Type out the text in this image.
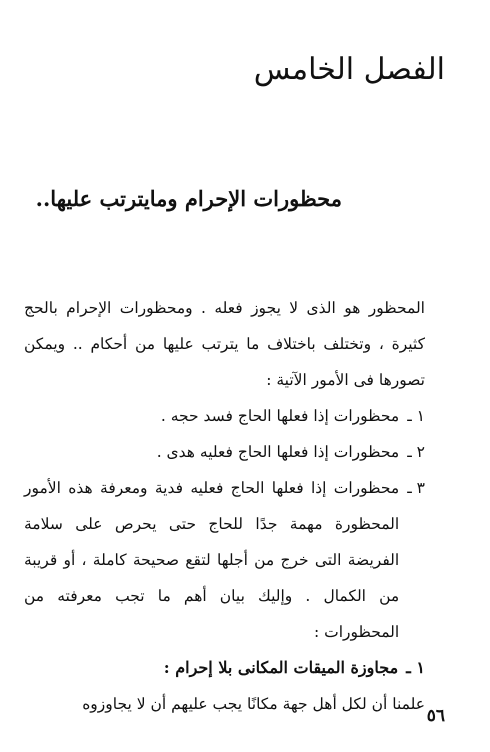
الفصل الخامس
محظورات الإحرام ومايترتب عليها..

المحظور هو الذى لا يجوز فعله . ومحظورات الإحرام بالحج كثيرة ، وتختلف باختلاف ما يترتب عليها من أحكام .. ويمكن تصورها فى الأمور الآتية :

١ ـ
محظورات إذا فعلها الحاج فسد حجه .
٢ ـ
محظورات إذا فعلها الحاج فعليه هدى .
٣ ـ
محظورات إذا فعلها الحاج فعليه فدية ومعرفة هذه الأمور المحظورة مهمة جدًا للحاج حتى يحرص على سلامة الفريضة التى خرج من أجلها لتقع صحيحة كاملة ، أو قريبة من الكمال . وإليك بيان أهم ما تجب معرفته من المحظورات :
١ ـ
مجاوزة الميقات المكانى بلا إحرام :

علمنا أن لكل أهل جهة مكانًا يجب عليهم أن لا يجاوزوه

٥٦
